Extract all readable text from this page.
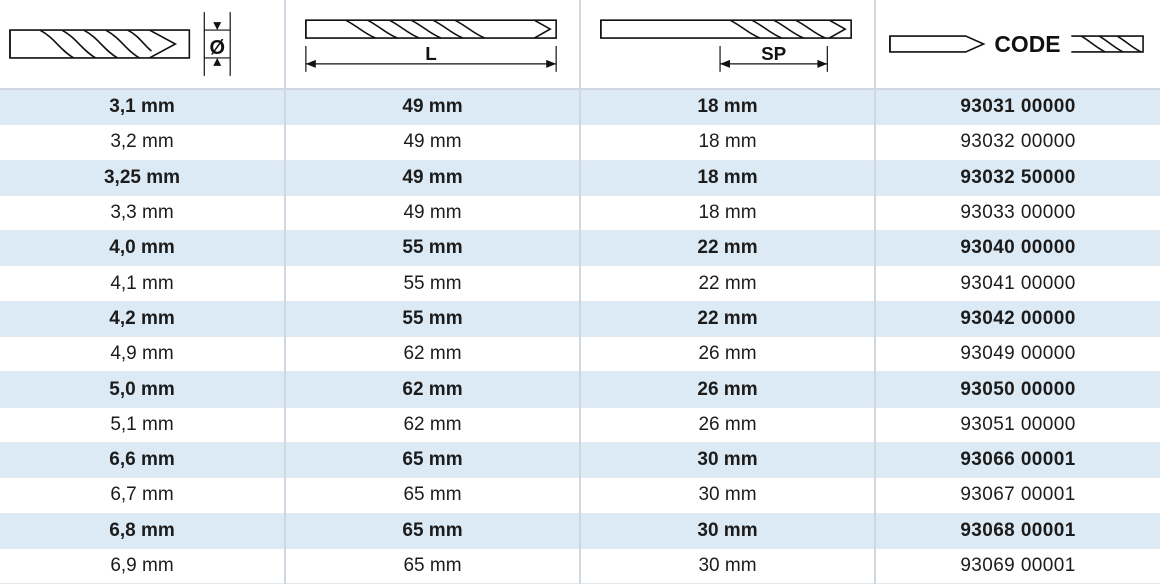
Ø	L	SP	CODE

3,1 mm	49 mm	18 mm	93031 00000
3,2 mm	49 mm	18 mm	93032 00000
3,25 mm	49 mm	18 mm	93032 50000
3,3 mm	49 mm	18 mm	93033 00000
4,0 mm	55 mm	22 mm	93040 00000
4,1 mm	55 mm	22 mm	93041 00000
4,2 mm	55 mm	22 mm	93042 00000
4,9 mm	62 mm	26 mm	93049 00000
5,0 mm	62 mm	26 mm	93050 00000
5,1 mm	62 mm	26 mm	93051 00000
6,6 mm	65 mm	30 mm	93066 00001
6,7 mm	65 mm	30 mm	93067 00001
6,8 mm	65 mm	30 mm	93068 00001
6,9 mm	65 mm	30 mm	93069 00001
